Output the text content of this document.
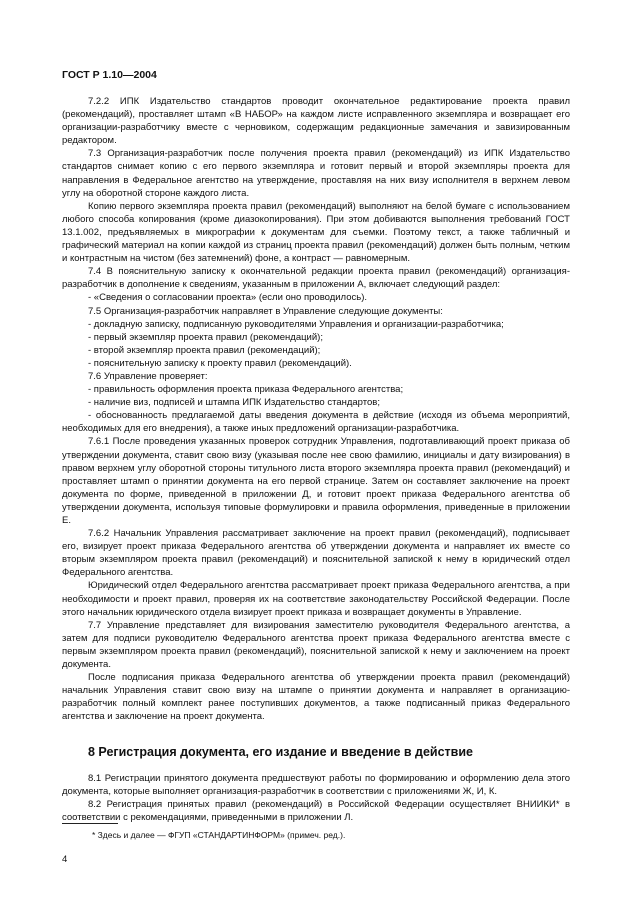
ГОСТ Р 1.10—2004

7.2.2 ИПК Издательство стандартов проводит окончательное редактирование проекта правил (рекомендаций), проставляет штамп «В НАБОР» на каждом листе исправленного экземпляра и возвращает его организации-разработчику вместе с черновиком, содержащим редакционные замечания и завизированным редактором.

7.3 Организация-разработчик после получения проекта правил (рекомендаций) из ИПК Издательство стандартов снимает копию с его первого экземпляра и готовит первый и второй экземпляры проекта для направления в Федеральное агентство на утверждение, проставляя на них визу исполнителя в верхнем левом углу на оборотной стороне каждого листа.

Копию первого экземпляра проекта правил (рекомендаций) выполняют на белой бумаге с использованием любого способа копирования (кроме диазокопирования). При этом добиваются выполнения требований ГОСТ 13.1.002, предъявляемых в микрографии к документам для съемки. Поэтому текст, а также табличный и графический материал на копии каждой из страниц проекта правил (рекомендаций) должен быть полным, четким и контрастным на чистом (без затемнений) фоне, а контраст — равномерным.

7.4 В пояснительную записку к окончательной редакции проекта правил (рекомендаций) организация-разработчик в дополнение к сведениям, указанным в приложении А, включает следующий раздел:

- «Сведения о согласовании проекта» (если оно проводилось).

7.5 Организация-разработчик направляет в Управление следующие документы:

- докладную записку, подписанную руководителями Управления и организации-разработчика;

- первый экземпляр проекта правил (рекомендаций);

- второй экземпляр проекта правил (рекомендаций);

- пояснительную записку к проекту правил (рекомендаций).

7.6 Управление проверяет:

- правильность оформления проекта приказа Федерального агентства;

- наличие виз, подписей и штампа ИПК Издательство стандартов;

- обоснованность предлагаемой даты введения документа в действие (исходя из объема мероприятий, необходимых для его внедрения), а также иных предложений организации-разработчика.

7.6.1 После проведения указанных проверок сотрудник Управления, подготавливающий проект приказа об утверждении документа, ставит свою визу (указывая после нее свою фамилию, инициалы и дату визирования) в правом верхнем углу оборотной стороны титульного листа второго экземпляра проекта правил (рекомендаций) и проставляет штамп о принятии документа на его первой странице. Затем он составляет заключение на проект документа по форме, приведенной в приложении Д, и готовит проект приказа Федерального агентства об утверждении документа, используя типовые формулировки и правила оформления, приведенные в приложении Е.

7.6.2 Начальник Управления рассматривает заключение на проект правил (рекомендаций), подписывает его, визирует проект приказа Федерального агентства об утверждении документа и направляет их вместе со вторым экземпляром проекта правил (рекомендаций) и пояснительной запиской к нему в юридический отдел Федерального агентства.

Юридический отдел Федерального агентства рассматривает проект приказа Федерального агентства, а при необходимости и проект правил, проверяя их на соответствие законодательству Российской Федерации. После этого начальник юридического отдела визирует проект приказа и возвращает документы в Управление.

7.7 Управление представляет для визирования заместителю руководителя Федерального агентства, а затем для подписи руководителю Федерального агентства проект приказа Федерального агентства вместе с первым экземпляром проекта правил (рекомендаций), пояснительной запиской к нему и заключением на проект документа.

После подписания приказа Федерального агентства об утверждении проекта правил (рекомендаций) начальник Управления ставит свою визу на штампе о принятии документа и направляет в организацию-разработчик полный комплект ранее поступивших документов, а также подписанный приказ Федерального агентства и заключение на проект документа.

8 Регистрация документа, его издание и введение в действие

8.1 Регистрации принятого документа предшествуют работы по формированию и оформлению дела этого документа, которые выполняет организация-разработчик в соответствии с приложениями Ж, И, К.

8.2 Регистрация принятых правил (рекомендаций) в Российской Федерации осуществляет ВНИИКИ* в соответствии с рекомендациями, приведенными в приложении Л.

* Здесь и далее — ФГУП «СТАНДАРТИНФОРМ» (примеч. ред.).
4
